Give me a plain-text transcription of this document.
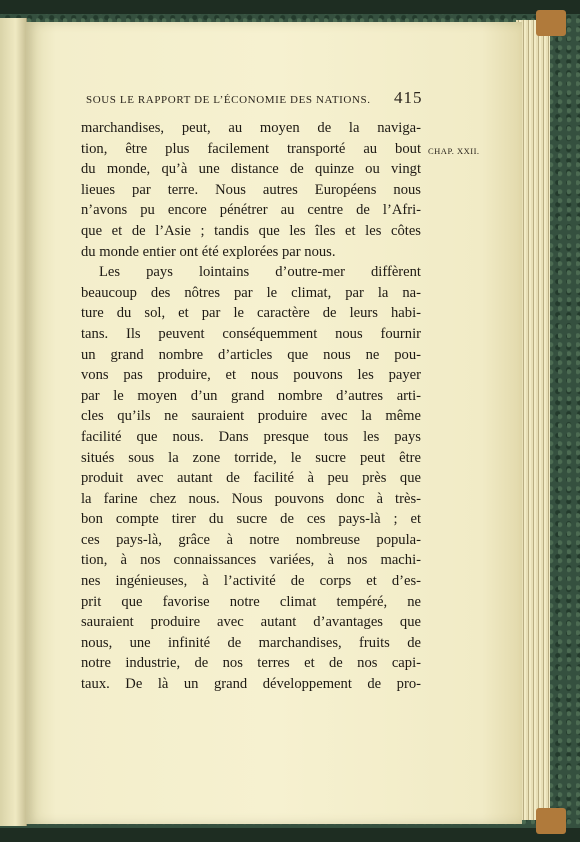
SOUS LE RAPPORT DE L’ÉCONOMIE DES NATIONS.	415
CHAP. XXII.
marchandises, peut, au moyen de la naviga-
tion, être plus facilement transporté au bout
du monde, qu’à une distance de quinze ou vingt
lieues par terre. Nous autres Européens nous
n’avons pu encore pénétrer au centre de l’Afri-
que et de l’Asie ; tandis que les îles et les côtes
du monde entier ont été explorées par nous.
Les pays lointains d’outre-mer diffèrent
beaucoup des nôtres par le climat, par la na-
ture du sol, et par le caractère de leurs habi-
tans. Ils peuvent conséquemment nous fournir
un grand nombre d’articles que nous ne pou-
vons pas produire, et nous pouvons les payer
par le moyen d’un grand nombre d’autres arti-
cles qu’ils ne sauraient produire avec la même
facilité que nous. Dans presque tous les pays
situés sous la zone torride, le sucre peut être
produit avec autant de facilité à peu près que
la farine chez nous. Nous pouvons donc à très-
bon compte tirer du sucre de ces pays-là ; et
ces pays-là, grâce à notre nombreuse popula-
tion, à nos connaissances variées, à nos machi-
nes ingénieuses, à l’activité de corps et d’es-
prit que favorise notre climat tempéré, ne
sauraient produire avec autant d’avantages que
nous, une infinité de marchandises, fruits de
notre industrie, de nos terres et de nos capi-
taux. De là un grand développement de pro-
